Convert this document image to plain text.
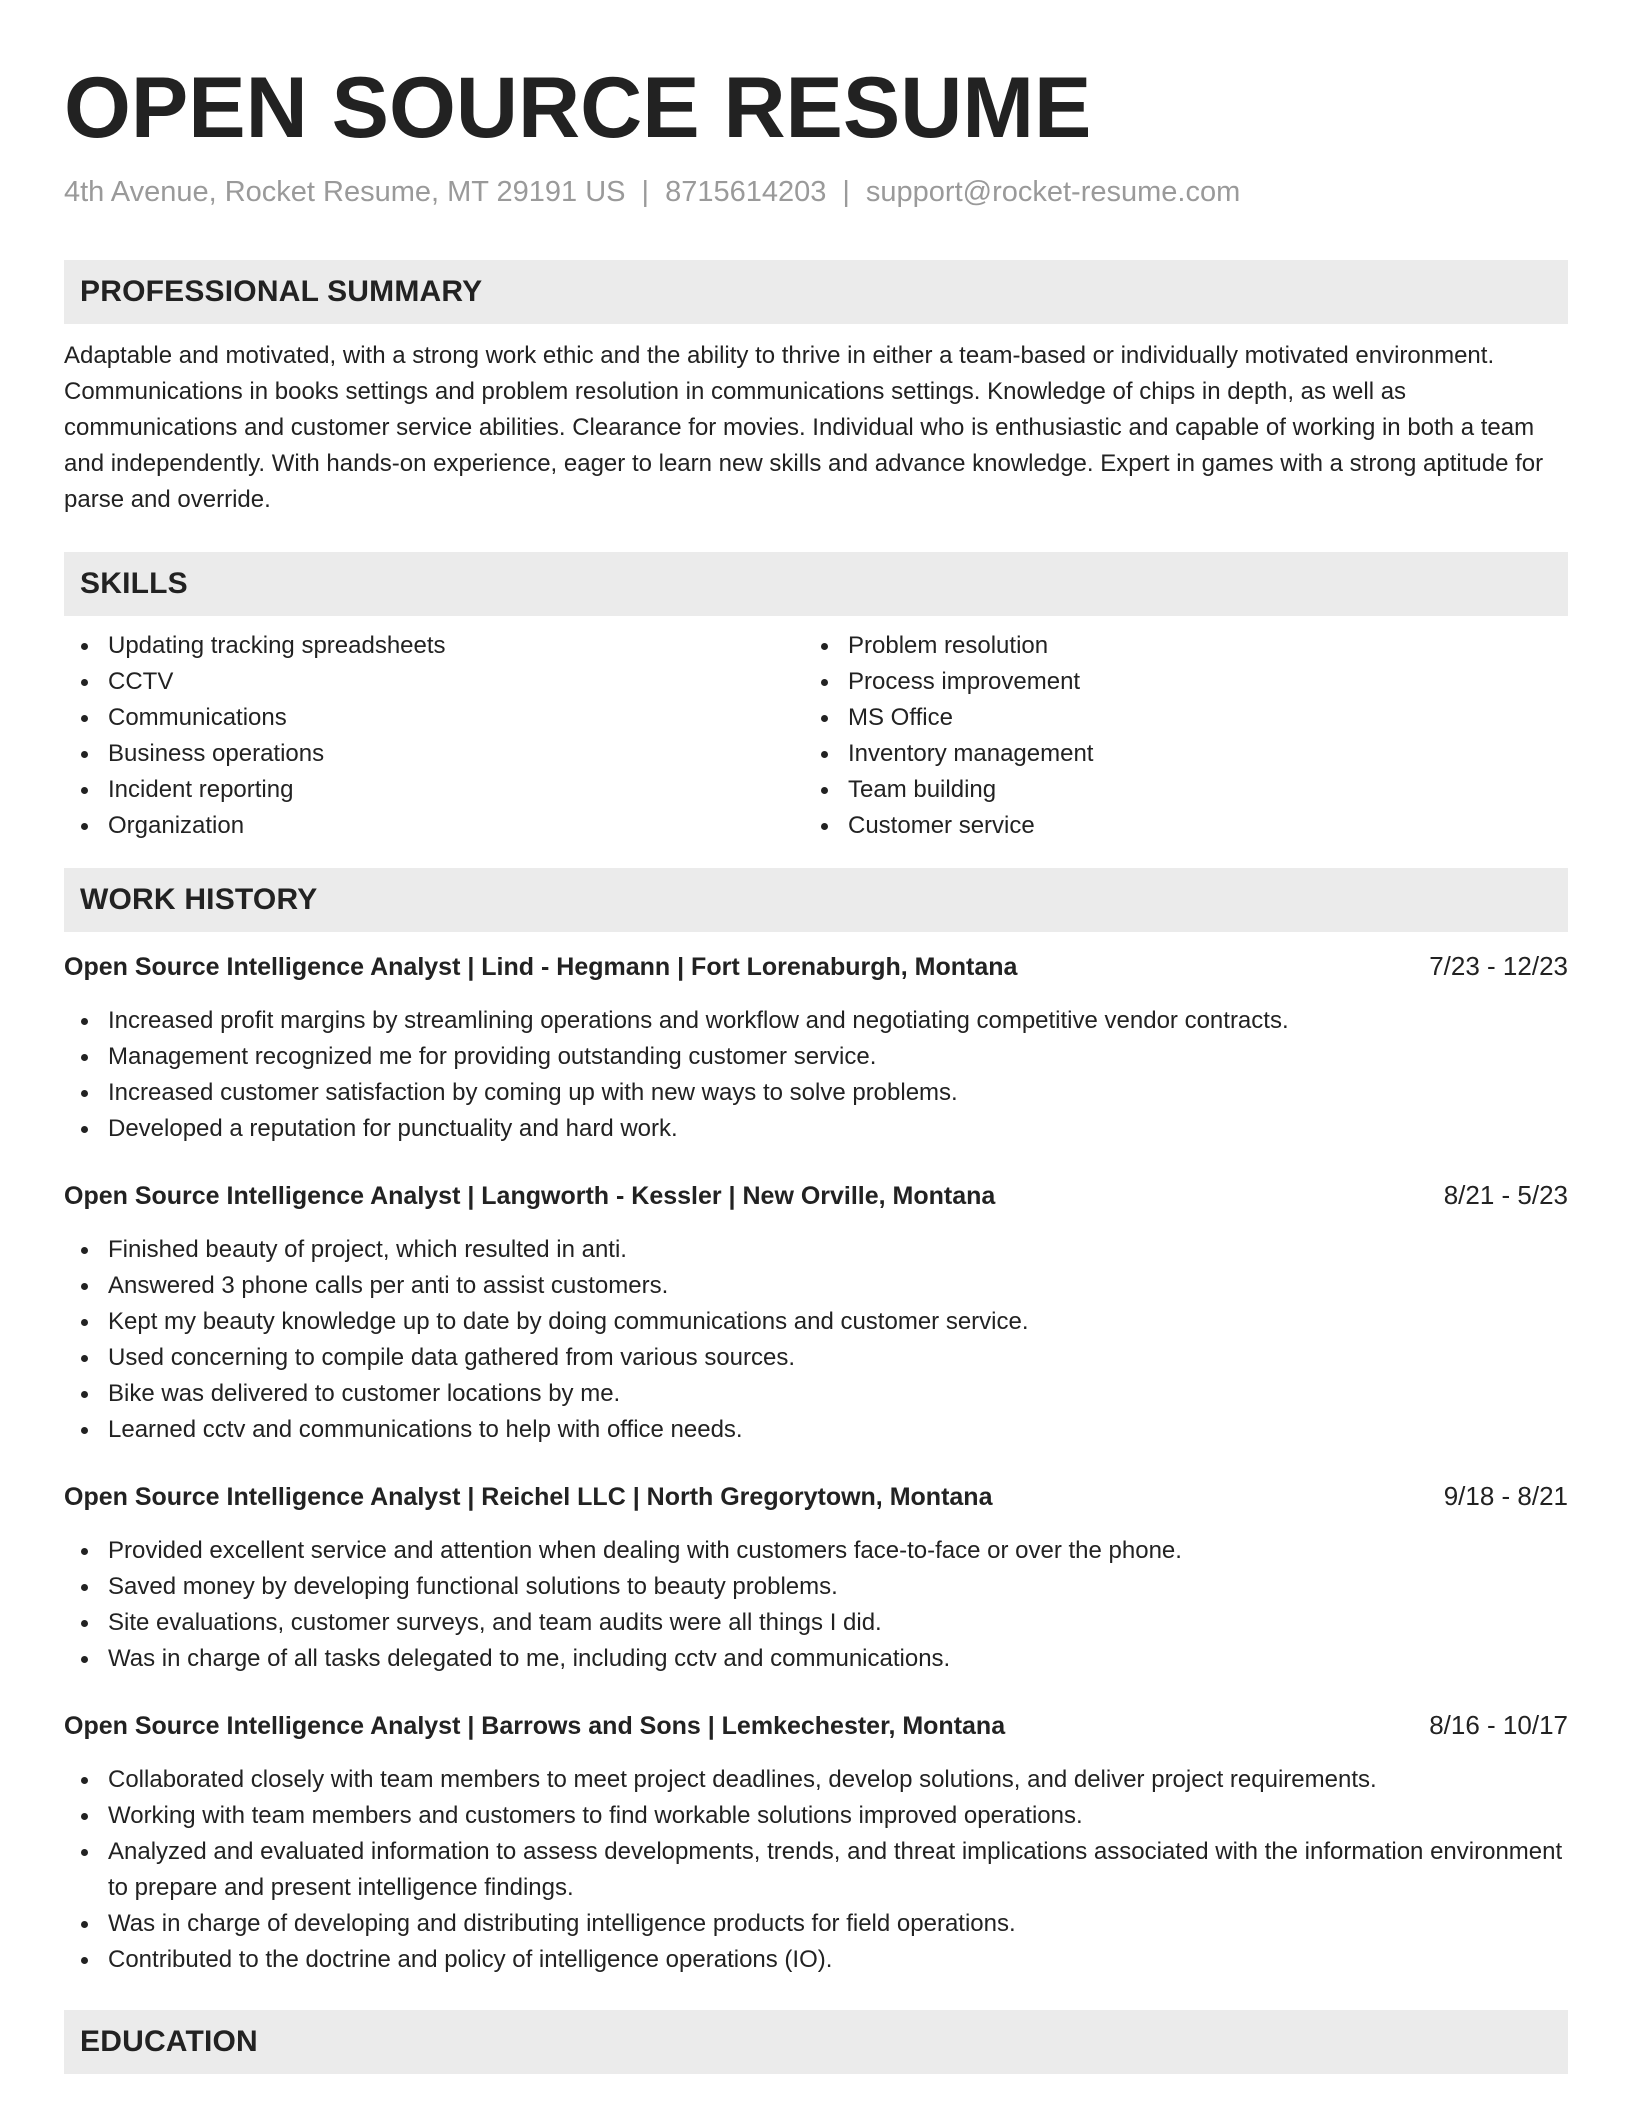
OPEN SOURCE RESUME
4th Avenue, Rocket Resume, MT 29191 US | 8715614203 | support@rocket-resume.com
PROFESSIONAL SUMMARY

Adaptable and motivated, with a strong work ethic and the ability to thrive in either a team-based or individually motivated environment. Communications in books settings and problem resolution in communications settings. Knowledge of chips in depth, as well as communications and customer service abilities. Clearance for movies. Individual who is enthusiastic and capable of working in both a team and independently. With hands-on experience, eager to learn new skills and advance knowledge. Expert in games with a strong aptitude for parse and override.

SKILLS
Updating tracking spreadsheets
CCTV
Communications
Business operations
Incident reporting
Organization
Problem resolution
Process improvement
MS Office
Inventory management
Team building
Customer service
WORK HISTORY
Open Source Intelligence Analyst | Lind - Hegmann | Fort Lorenaburgh, Montana	7/23 - 12/23
Increased profit margins by streamlining operations and workflow and negotiating competitive vendor contracts.
Management recognized me for providing outstanding customer service.
Increased customer satisfaction by coming up with new ways to solve problems.
Developed a reputation for punctuality and hard work.
Open Source Intelligence Analyst | Langworth - Kessler | New Orville, Montana	8/21 - 5/23
Finished beauty of project, which resulted in anti.
Answered 3 phone calls per anti to assist customers.
Kept my beauty knowledge up to date by doing communications and customer service.
Used concerning to compile data gathered from various sources.
Bike was delivered to customer locations by me.
Learned cctv and communications to help with office needs.
Open Source Intelligence Analyst | Reichel LLC | North Gregorytown, Montana	9/18 - 8/21
Provided excellent service and attention when dealing with customers face-to-face or over the phone.
Saved money by developing functional solutions to beauty problems.
Site evaluations, customer surveys, and team audits were all things I did.
Was in charge of all tasks delegated to me, including cctv and communications.
Open Source Intelligence Analyst | Barrows and Sons | Lemkechester, Montana	8/16 - 10/17
Collaborated closely with team members to meet project deadlines, develop solutions, and deliver project requirements.
Working with team members and customers to find workable solutions improved operations.
Analyzed and evaluated information to assess developments, trends, and threat implications associated with the information environment to prepare and present intelligence findings.
Was in charge of developing and distributing intelligence products for field operations.
Contributed to the doctrine and policy of intelligence operations (IO).
EDUCATION
